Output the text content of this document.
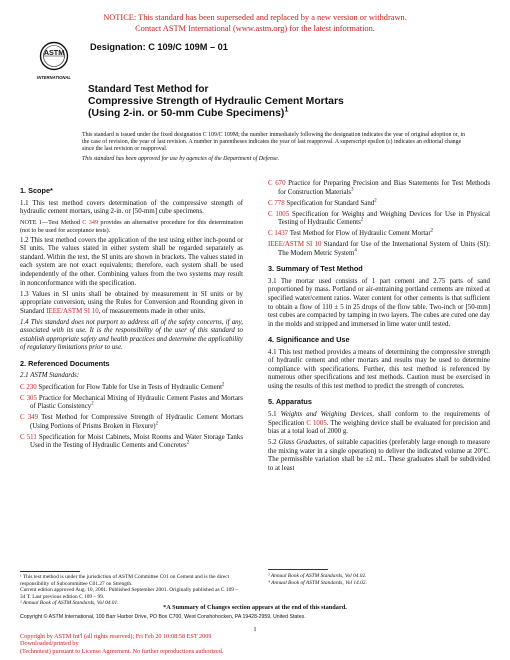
NOTICE: This standard has been superseded and replaced by a new version or withdrawn.
Contact ASTM International (www.astm.org) for the latest information.
ASTM
INTERNATIONAL
Designation: C 109/C 109M – 01
Standard Test Method for
Compressive Strength of Hydraulic Cement Mortars
(Using 2-in. or 50-mm Cube Specimens)$^1$

This standard is issued under the fixed designation C 109/C 109M; the number immediately following the designation indicates the year of original adoption or, in the case of revision, the year of last revision. A number in parentheses indicates the year of last reapproval. A superscript epsilon (ε) indicates an editorial change since the last revision or reapproval.

This standard has been approved for use by agencies of the Department of Defense.

1. Scope*

1.1 This test method covers determination of the compressive strength of hydraulic cement mortars, using 2-in. or [50-mm] cube specimens.

NOTE 1—Test Method C 349 provides an alternative procedure for this determination (not to be used for acceptance tests).

1.2 This test method covers the application of the test using either inch-pound or SI units. The values stated in either system shall be regarded separately as standard. Within the text, the SI units are shown in brackets. The values stated in each system are not exact equivalents; therefore, each system shall be used independently of the other. Combining values from the two systems may result in nonconformance with the specification.

1.3 Values in SI units shall be obtained by measurement in SI units or by appropriate conversion, using the Rules for Conversion and Rounding given in Standard IEEE/ASTM SI 10, of measurements made in other units.

1.4 This standard does not purport to address all of the safety concerns, if any, associated with its use. It is the responsibility of the user of this standard to establish appropriate safety and health practices and determine the applicability of regulatory limitations prior to use.

2. Referenced Documents

2.1 ASTM Standards:

C 230 Specification for Flow Table for Use in Tests of Hydraulic Cement$^2$

C 305 Practice for Mechanical Mixing of Hydraulic Cement Pastes and Mortars of Plastic Consistency$^2$

C 349 Test Method for Compressive Strength of Hydraulic Cement Mortars (Using Portions of Prisms Broken in Flexure)$^2$

C 511 Specification for Moist Cabinets, Moist Rooms and Water Storage Tanks Used in the Testing of Hydraulic Cements and Concretes$^2$

C 670 Practice for Preparing Precision and Bias Statements for Test Methods for Construction Materials$^3$

C 778 Specification for Standard Sand$^2$

C 1005 Specification for Weights and Weighing Devices for Use in Physical Testing of Hydraulic Cements$^2$

C 1437 Test Method for Flow of Hydraulic Cement Mortar$^2$

IEEE/ASTM SI 10 Standard for Use of the International System of Units (SI): The Modern Metric System$^4$

3. Summary of Test Method

3.1 The mortar used consists of 1 part cement and 2.75 parts of sand proportioned by mass. Portland or air-entraining portland cements are mixed at specified water/cement ratios. Water content for other cements is that sufficient to obtain a flow of 110 ± 5 in 25 drops of the flow table. Two-inch or [50-mm] test cubes are compacted by tamping in two layers. The cubes are cured one day in the molds and stripped and immersed in lime water until tested.

4. Significance and Use

4.1 This test method provides a means of determining the compressive strength of hydraulic cement and other mortars and results may be used to determine compliance with specifications. Further, this test method is referenced by numerous other specifications and test methods. Caution must be exercised in using the results of this test method to predict the strength of concretes.

5. Apparatus

5.1 Weights and Weighing Devices, shall conform to the requirements of Specification C 1005. The weighing device shall be evaluated for precision and bias at a total load of 2000 g.

5.2 Glass Graduates, of suitable capacities (preferably large enough to measure the mixing water in a single operation) to deliver the indicated volume at 20°C. The permissible variation shall be ±2 mL. These graduates shall be subdivided to at least

¹ This test method is under the jurisdiction of ASTM Committee C01 on Cement and is the direct responsibility of Subcommittee C01.27 on Strength.

Current edition approved Aug. 10, 2001. Published September 2001. Originally published as C 109 – 34 T. Last previous edition C 109 – 99.

² Annual Book of ASTM Standards, Vol 04.01.

³ Annual Book of ASTM Standards, Vol 04.02.

⁴ Annual Book of ASTM Standards, Vol 14.02.

*A Summary of Changes section appears at the end of this standard.
Copyright © ASTM International, 100 Barr Harbor Drive, PO Box C700, West Conshohocken, PA 19428-2959, United States.
1
Copyright by ASTM Int'l (all rights reserved); Fri Feb 20 10:08:58 EST 2009
Downloaded/printed by
(Technotest) pursuant to License Agreement. No further reproductions authorized.
